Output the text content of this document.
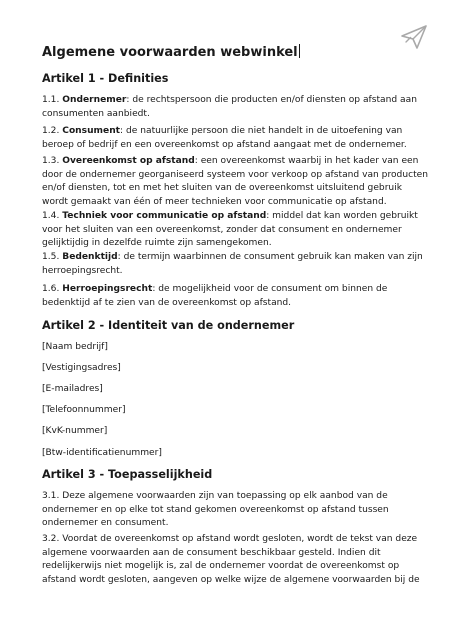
Algemene voorwaarden webwinkel
Artikel 1 - Definities

1.1. Ondernemer: de rechtspersoon die producten en/of diensten op afstand aan
consumenten aanbiedt.

1.2. Consument: de natuurlijke persoon die niet handelt in de uitoefening van
beroep of bedrijf en een overeenkomst op afstand aangaat met de ondernemer.

1.3. Overeenkomst op afstand: een overeenkomst waarbij in het kader van een
door de ondernemer georganiseerd systeem voor verkoop op afstand van producten
en/of diensten, tot en met het sluiten van de overeenkomst uitsluitend gebruik
wordt gemaakt van één of meer technieken voor communicatie op afstand.

1.4. Techniek voor communicatie op afstand: middel dat kan worden gebruikt
voor het sluiten van een overeenkomst, zonder dat consument en ondernemer
gelijktijdig in dezelfde ruimte zijn samengekomen.

1.5. Bedenktijd: de termijn waarbinnen de consument gebruik kan maken van zijn
herroepingsrecht.

1.6. Herroepingsrecht: de mogelijkheid voor de consument om binnen de
bedenktijd af te zien van de overeenkomst op afstand.

Artikel 2 - Identiteit van de ondernemer
[Naam bedrijf]
[Vestigingsadres]
[E-mailadres]
[Telefoonnummer]
[KvK-nummer]
[Btw-identificatienummer]
Artikel 3 - Toepasselijkheid

3.1. Deze algemene voorwaarden zijn van toepassing op elk aanbod van de
ondernemer en op elke tot stand gekomen overeenkomst op afstand tussen
ondernemer en consument.

3.2. Voordat de overeenkomst op afstand wordt gesloten, wordt de tekst van deze
algemene voorwaarden aan de consument beschikbaar gesteld. Indien dit
redelijkerwijs niet mogelijk is, zal de ondernemer voordat de overeenkomst op
afstand wordt gesloten, aangeven op welke wijze de algemene voorwaarden bij de
